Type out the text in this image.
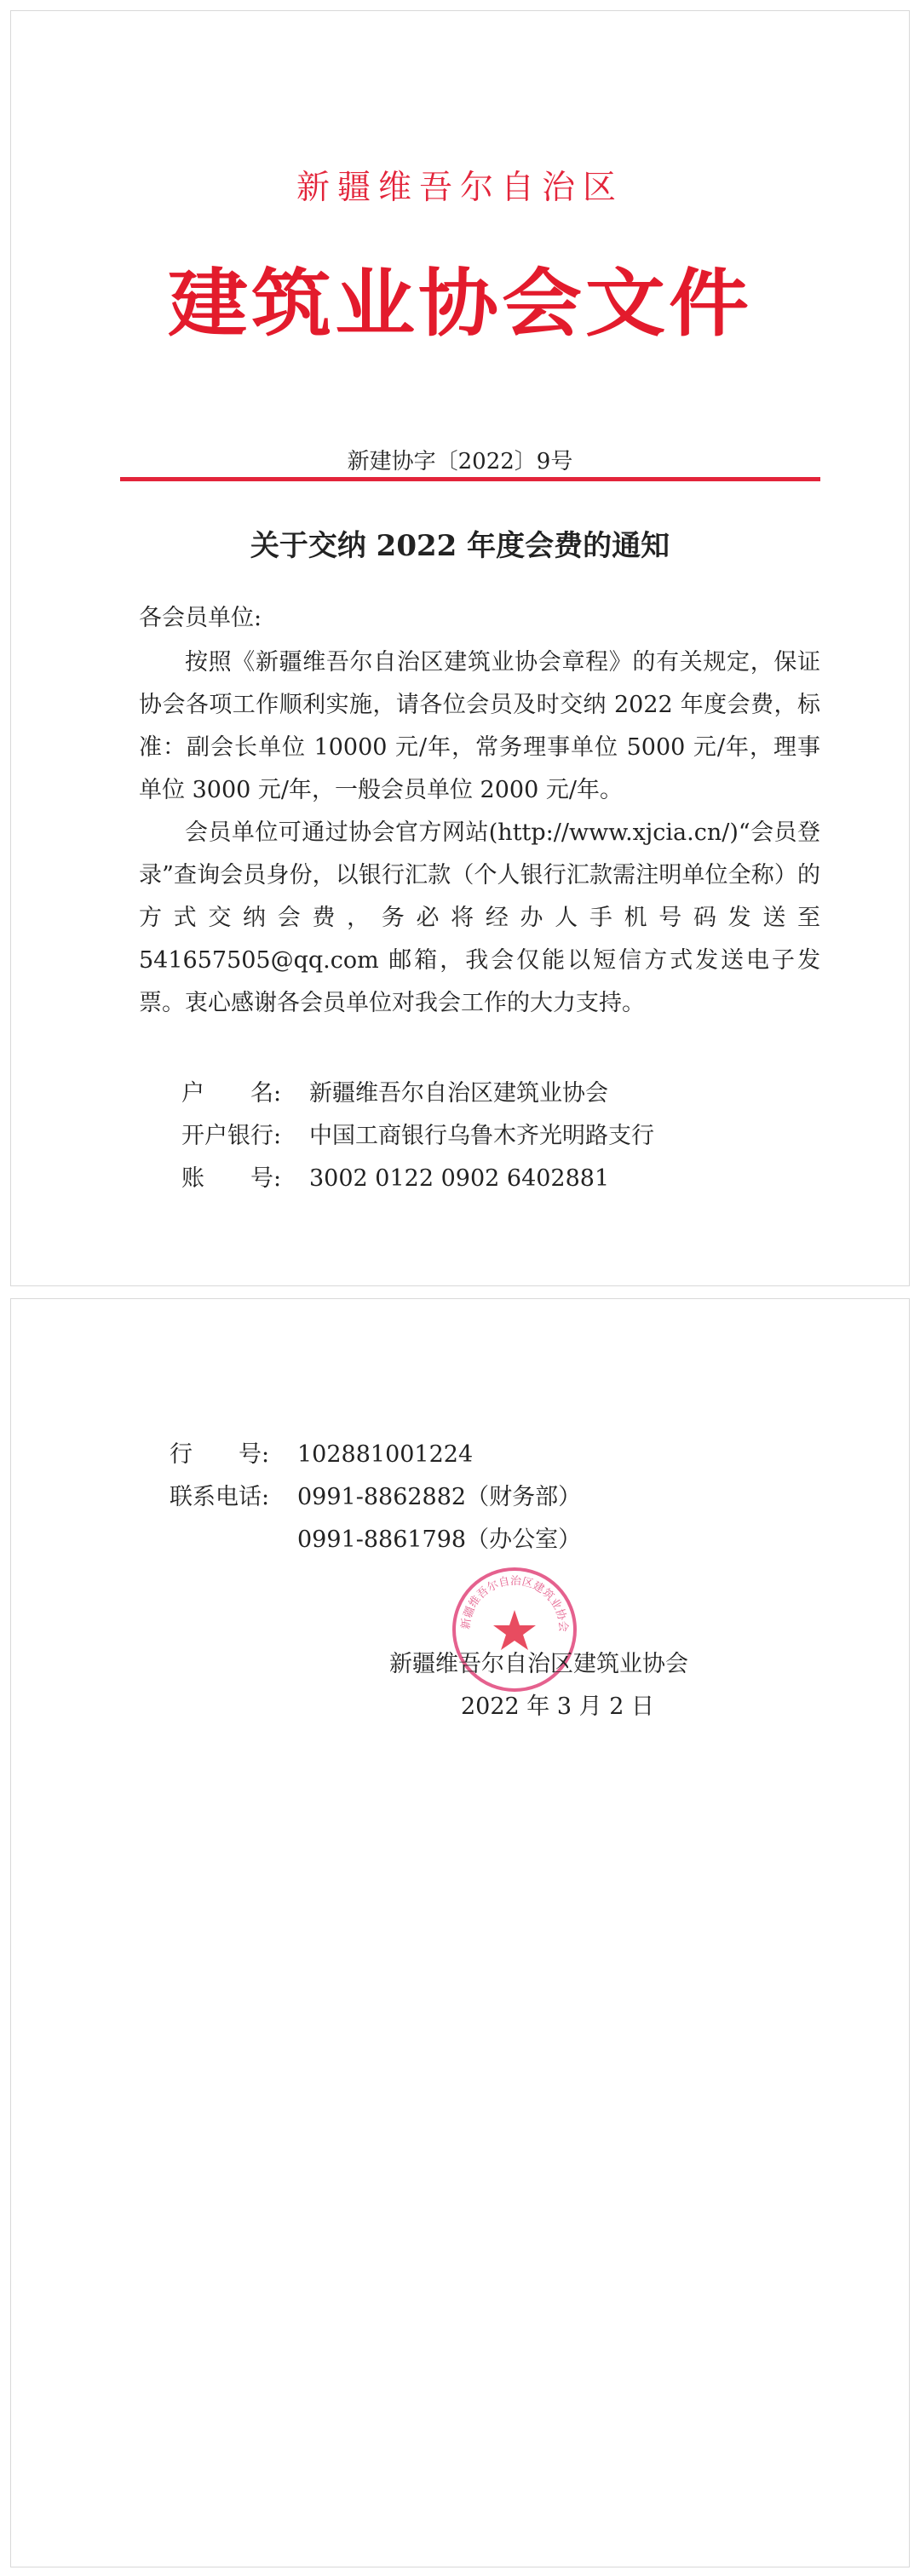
新疆维吾尔自治区
建筑业协会文件
新建协字〔2022〕9号
关于交纳 2022 年度会费的通知
各会员单位:
按照《新疆维吾尔自治区建筑业协会章程》的有关规定，保证协会各项工作顺利实施，请各位会员及时交纳 2022 年度会费，标准：副会长单位 10000 元/年，常务理事单位 5000 元/年，理事单位 3000 元/年，一般会员单位 2000 元/年。
会员单位可通过协会官方网站(http://www.xjcia.cn/)“会员登录”查询会员身份，以银行汇款（个人银行汇款需注明单位全称）的方式交纳会费，务必将经办人手机号码发送至 541657505@qq.com 邮箱，我会仅能以短信方式发送电子发票。 衷心感谢各会员单位对我会工作的大力支持。
户　　名: 新疆维吾尔自治区建筑业协会
开户银行: 中国工商银行乌鲁木齐光明路支行
账　　号: 3002 0122 0902 6402881
行　　号: 102881001224
联系电话: 0991-8862882（财务部）
0991-8861798（办公室）
新疆维吾尔自治区建筑业协会
新疆维吾尔自治区建筑业协会
2022 年 3 月 2 日
